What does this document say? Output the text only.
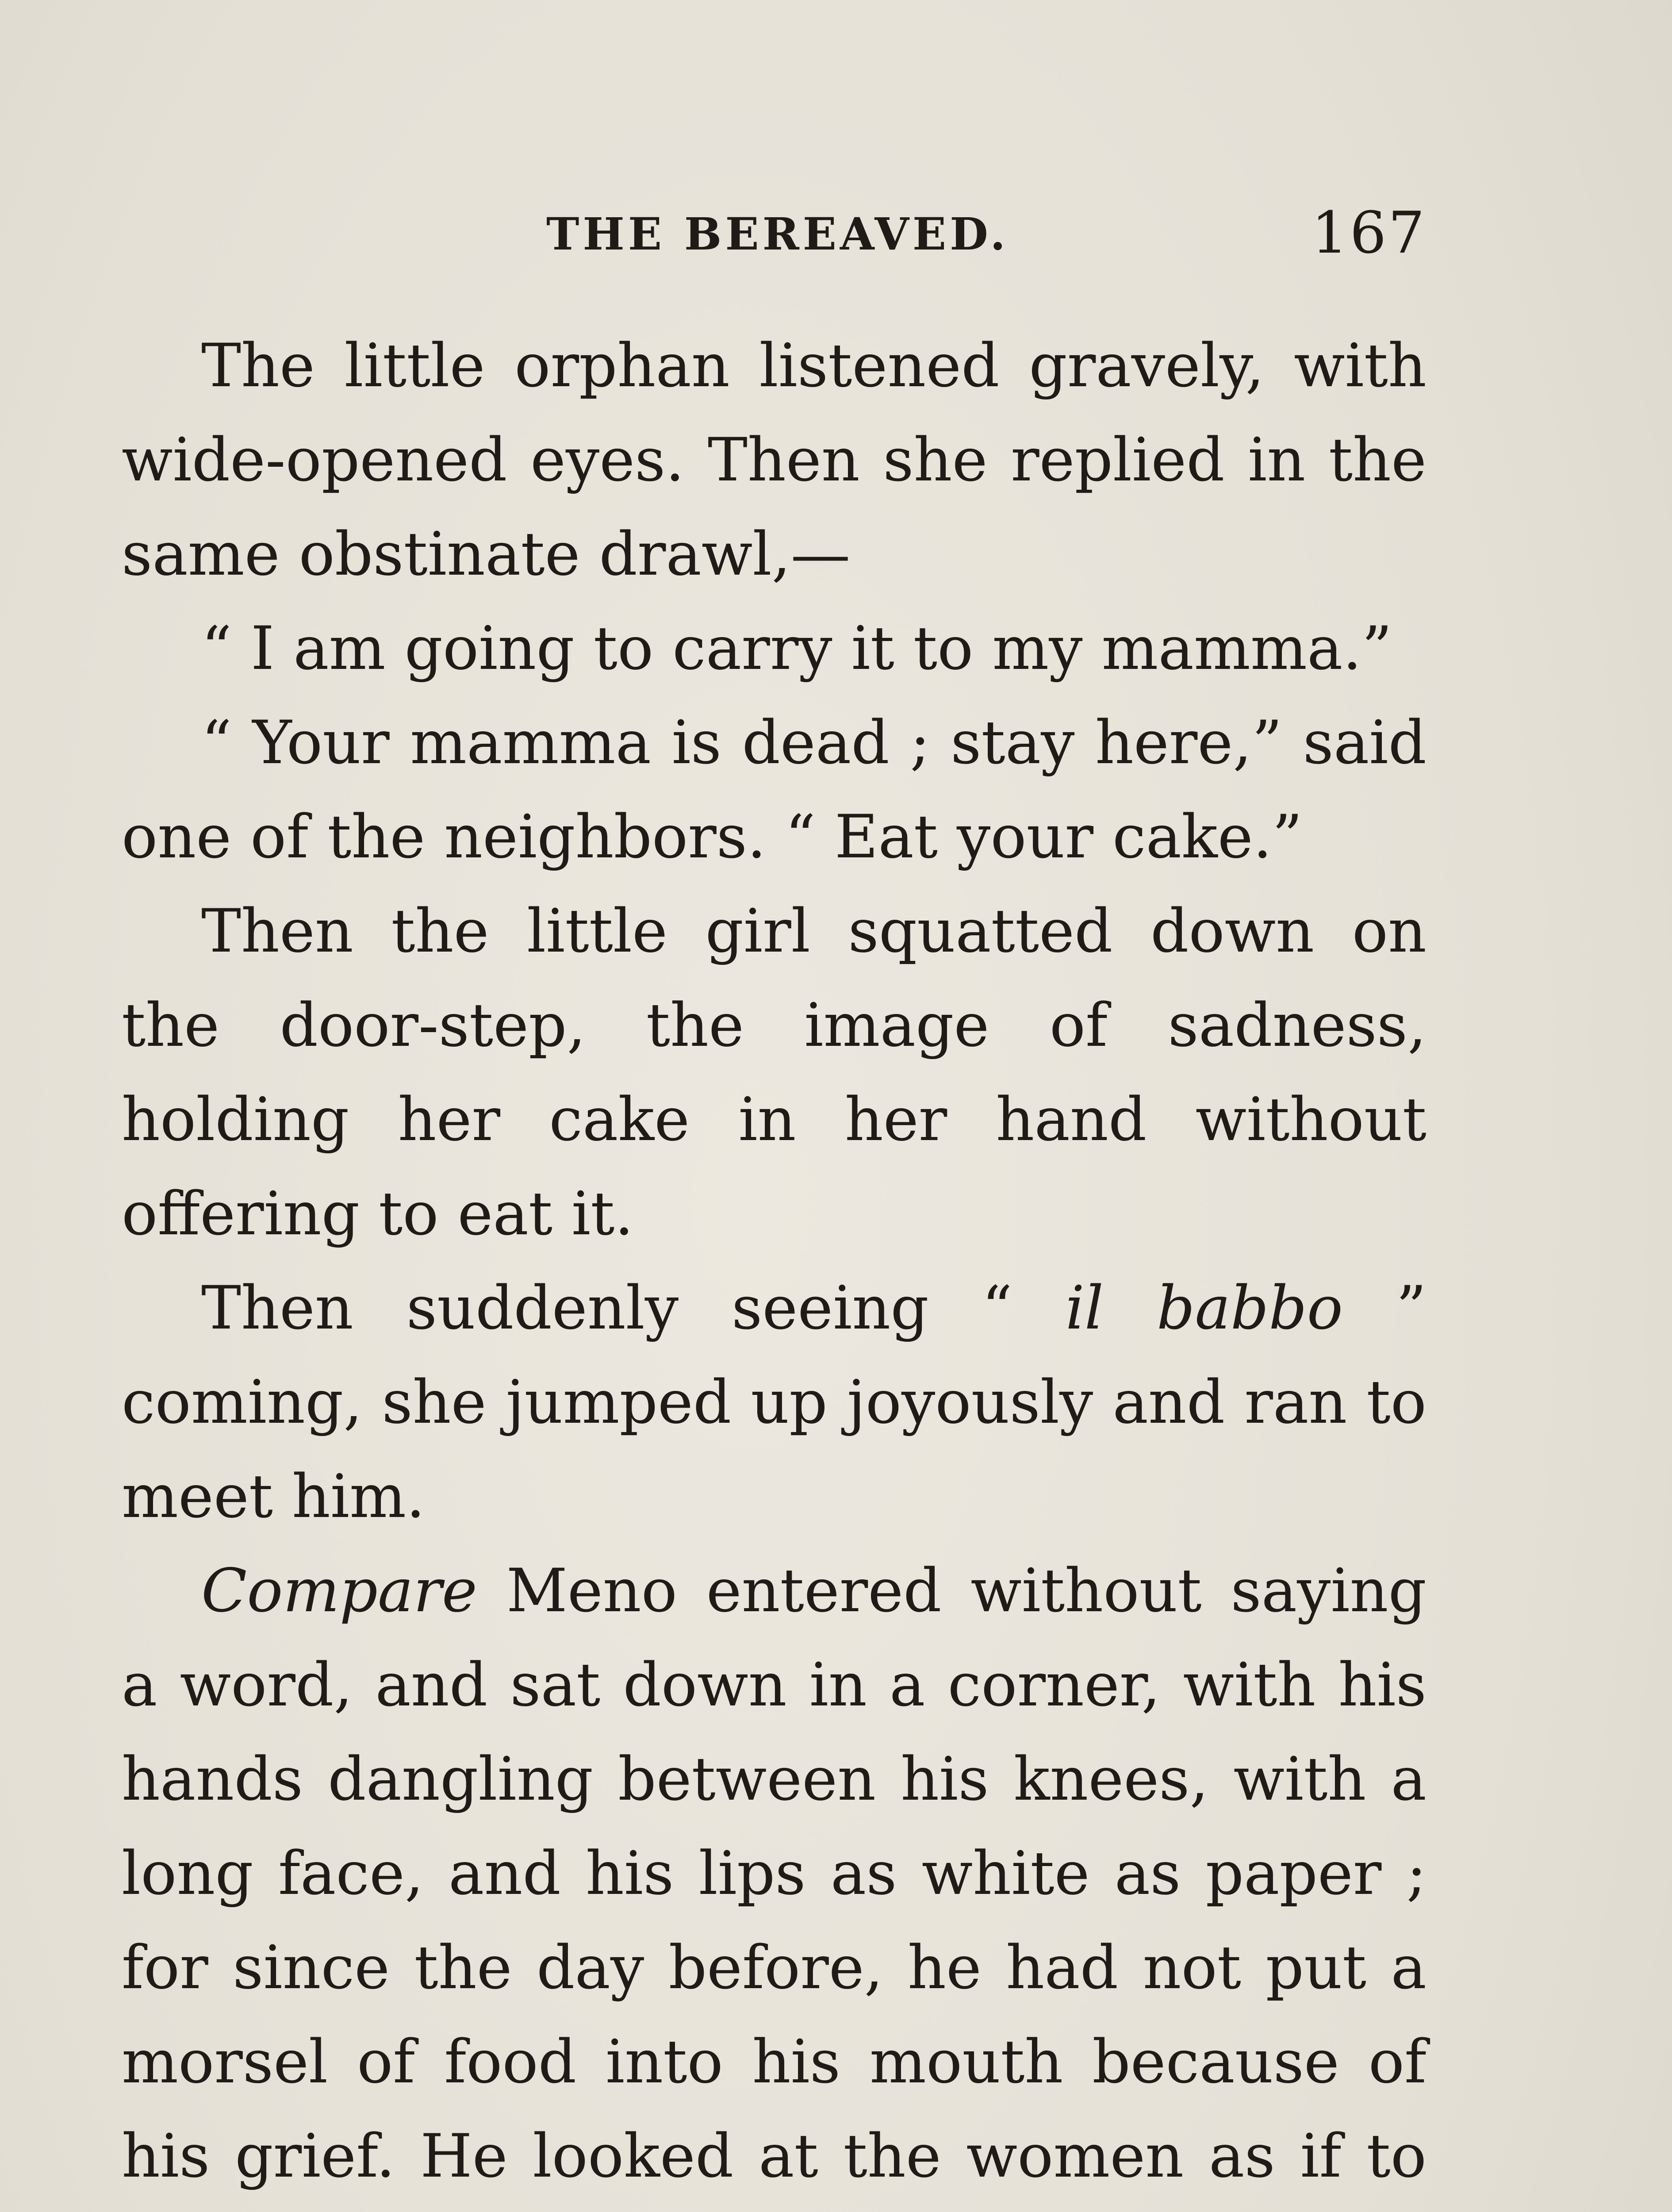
THE BEREAVED.	167

The little orphan listened gravely, with wide-opened eyes. Then she replied in the same obstinate drawl,—

“ I am going to carry it to my mamma.”

“ Your mamma is dead ; stay here,” said one of the neighbors. “ Eat your cake.”

Then the little girl squatted down on the door-step, the image of sadness, holding her cake in her hand without offering to eat it.

Then suddenly seeing “ il babbo ” coming, she jumped up joyously and ran to meet him.

Compare Meno entered without saying a word, and sat down in a corner, with his hands dangling between his knees, with a long face, and his lips as white as paper ; for since the day before, he had not put a morsel of food into his mouth because of his grief. He looked at the women as if to
